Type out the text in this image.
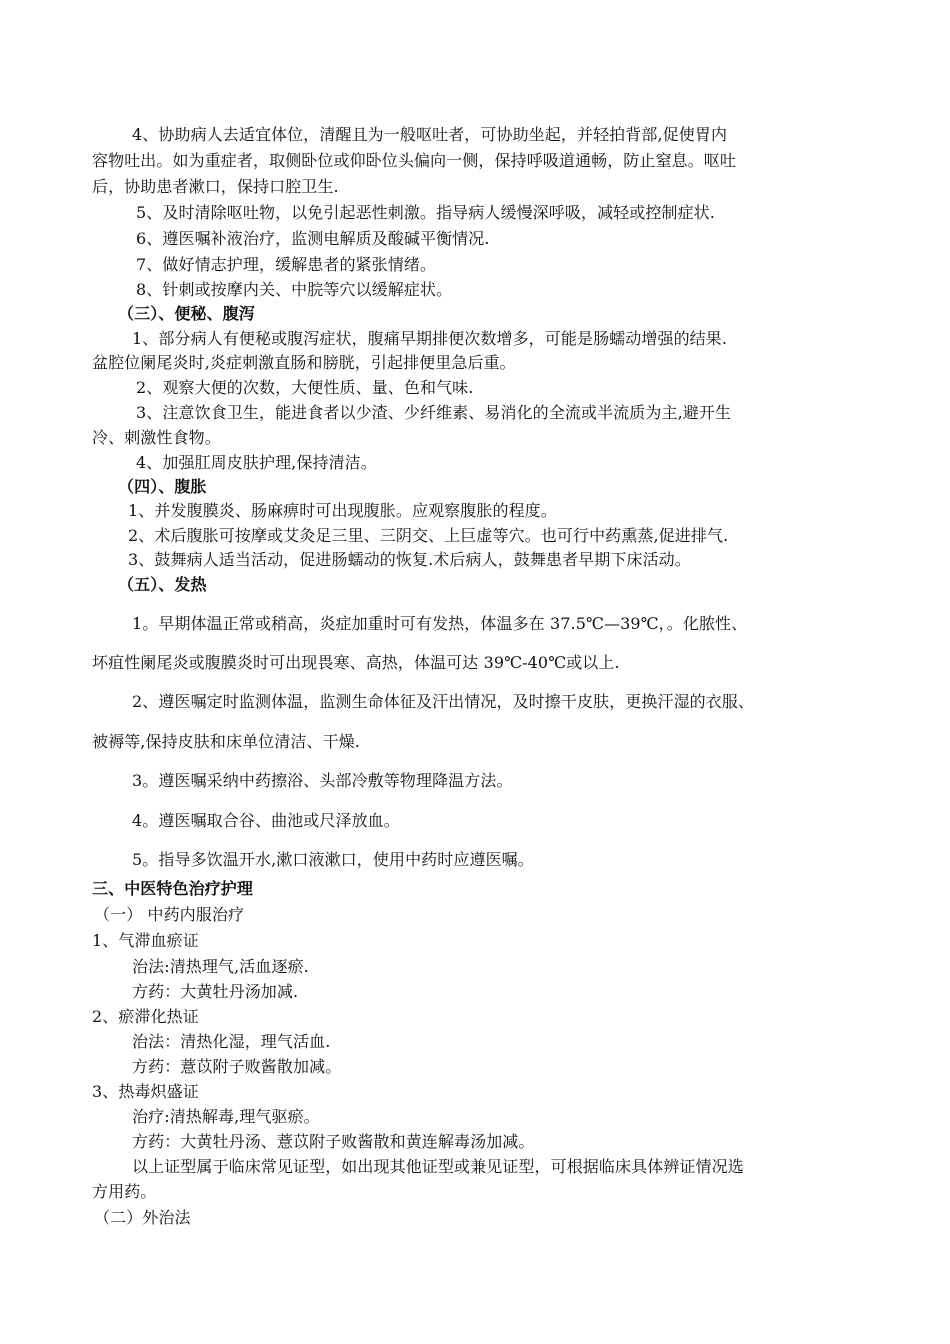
4、协助病人去适宜体位，清醒且为一般呕吐者，可协助坐起，并轻拍背部,促使胃内
容物吐出。如为重症者，取侧卧位或仰卧位头偏向一侧，保持呼吸道通畅，防止窒息。呕吐
后，协助患者漱口，保持口腔卫生.
5、及时清除呕吐物，以免引起恶性刺激。指导病人缓慢深呼吸，减轻或控制症状.
6、遵医嘱补液治疗，监测电解质及酸碱平衡情况.
7、做好情志护理，缓解患者的紧张情绪。
8、针刺或按摩内关、中脘等穴以缓解症状。
（三）、便秘、腹泻
1、部分病人有便秘或腹泻症状，腹痛早期排便次数增多，可能是肠蠕动增强的结果.
盆腔位阑尾炎时,炎症刺激直肠和膀胱，引起排便里急后重。
2、观察大便的次数，大便性质、量、色和气味.
3、注意饮食卫生，能进食者以少渣、少纤维素、易消化的全流或半流质为主,避开生
冷、刺激性食物。
4、加强肛周皮肤护理,保持清洁。
（四）、腹胀
1、并发腹膜炎、肠麻痹时可出现腹胀。应观察腹胀的程度。
2、术后腹胀可按摩或艾灸足三里、三阴交、上巨虚等穴。也可行中药熏蒸,促进排气.
3、鼓舞病人适当活动，促进肠蠕动的恢复.术后病人，鼓舞患者早期下床活动。
（五）、发热
1。早期体温正常或稍高，炎症加重时可有发热，体温多在 37.5℃—39℃，。化脓性、
坏疽性阑尾炎或腹膜炎时可出现畏寒、高热，体温可达 39℃-40℃或以上.
2、遵医嘱定时监测体温，监测生命体征及汗出情况，及时擦干皮肤，更换汗湿的衣服、
被褥等,保持皮肤和床单位清洁、干燥.
3。遵医嘱采纳中药擦浴、头部冷敷等物理降温方法。
4。遵医嘱取合谷、曲池或尺泽放血。
5。指导多饮温开水,漱口液漱口，使用中药时应遵医嘱。
三、中医特色治疗护理
（一） 中药内服治疗
1、气滞血瘀证
治法:清热理气,活血逐瘀.
方药：大黄牡丹汤加减.
2、瘀滞化热证
治法：清热化湿，理气活血.
方药：薏苡附子败酱散加减。
3、热毒炽盛证
治疗:清热解毒,理气驱瘀。
方药：大黄牡丹汤、薏苡附子败酱散和黄连解毒汤加减。
以上证型属于临床常见证型，如出现其他证型或兼见证型，可根据临床具体辨证情况选
方用药。
（二）外治法
